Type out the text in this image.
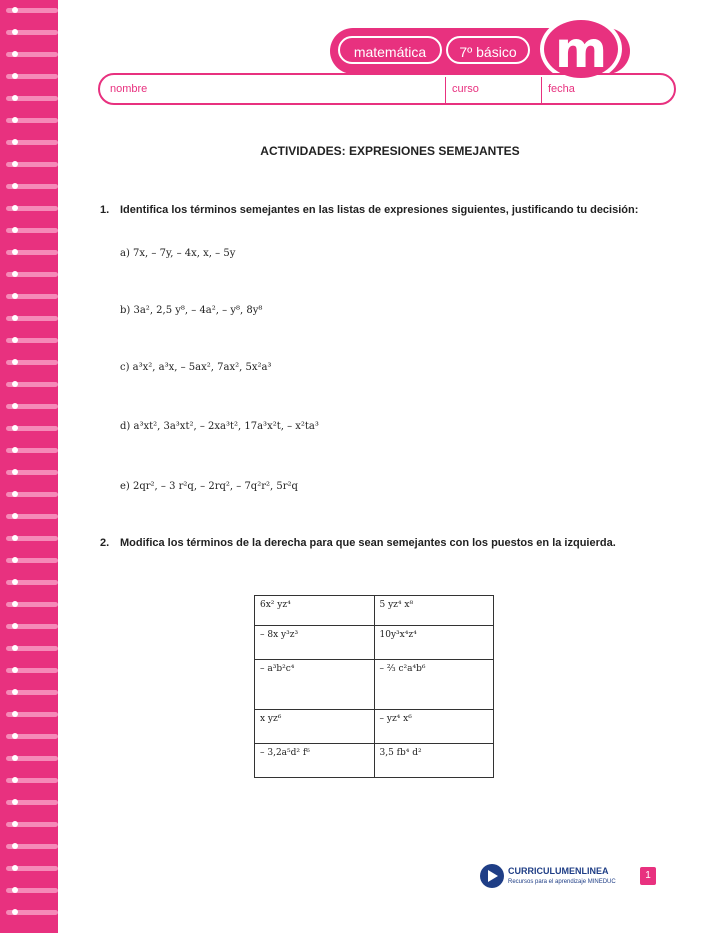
matemática	7º básico m
nombre	curso	fecha
ACTIVIDADES: EXPRESIONES SEMEJANTES
1. Identifica los términos semejantes en las listas de expresiones siguientes, justificando tu decisión:
a) 7x, – 7y, – 4x, x, – 5y
b) 3a², 2,5 y⁸, – 4a², – y⁸, 8y⁸
c) a³x², a³x, – 5ax², 7ax², 5x²a³
d) a³xt², 3a³xt², – 2xa³t², 17a³x²t, – x²ta³
e) 2qr², – 3 r²q, – 2rq², – 7q²r², 5r²q
2. Modifica los términos de la derecha para que sean semejantes con los puestos en la izquierda.
6x² yz⁴	5 yz⁴ x⁸
– 8x y³z³	10y³x⁴z⁴
– a³b²c⁴	– ⅔ c²a⁴b⁶
x yz⁶	– yz⁴ x⁶
– 3,2a⁵d² f⁶	3,5 fb⁴ d²
CURRICULUMENLINEA
Recursos para el aprendizaje MINEDUC
1
